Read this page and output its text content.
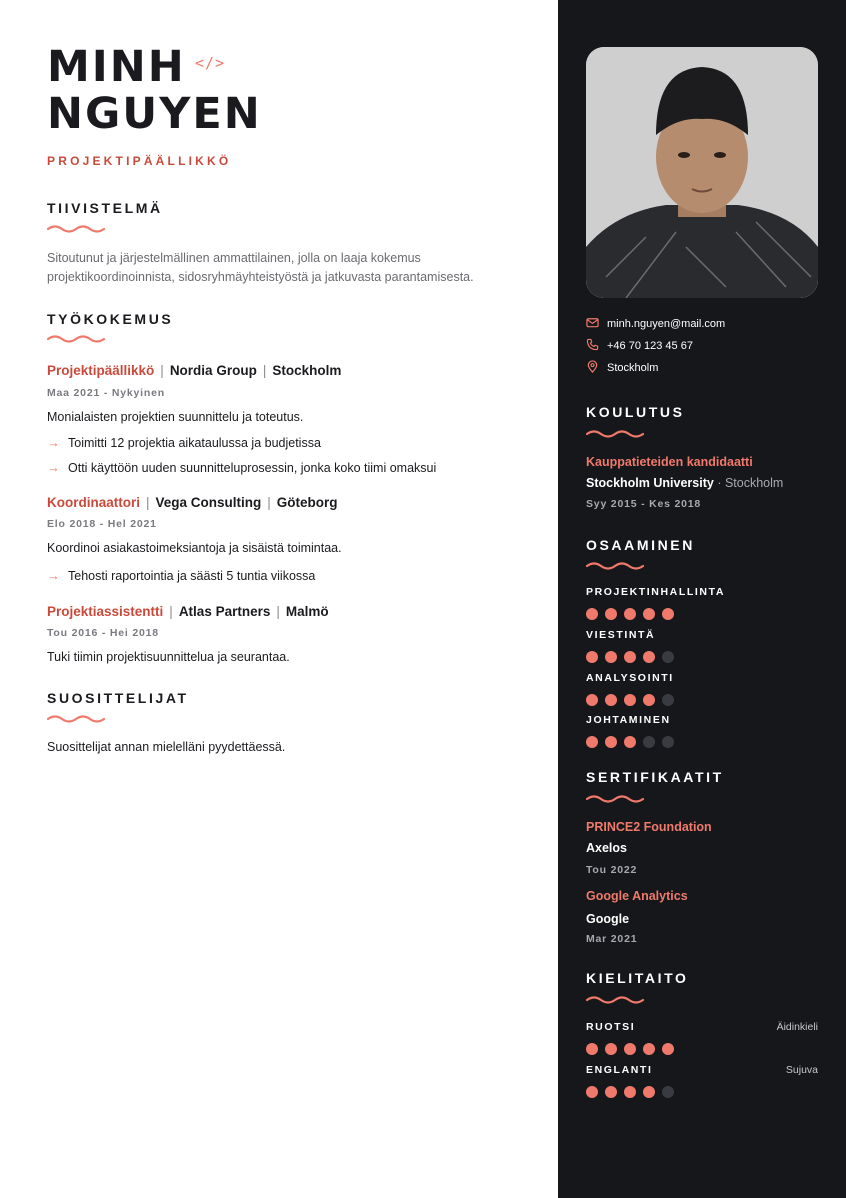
MINH
NGUYEN
</>
PROJEKTIPÄÄLLIKKÖ
TIIVISTELMÄ
Sitoutunut ja järjestelmällinen ammattilainen, jolla on laaja kokemus projektikoordinoinnista, sidosryhmäyhteistyöstä ja jatkuvasta parantamisesta.
TYÖKOKEMUS
Projektipäällikkö | Nordia Group | Stockholm
Maa 2021 - Nykyinen
Monialaisten projektien suunnittelu ja toteutus.
→ Toimitti 12 projektia aikataulussa ja budjetissa
→ Otti käyttöön uuden suunnitteluprosessin, jonka koko tiimi omaksui
Koordinaattori | Vega Consulting | Göteborg
Elo 2018 - Hel 2021
Koordinoi asiakastoimeksiantoja ja sisäistä toimintaa.
→ Tehosti raportointia ja säästi 5 tuntia viikossa
Projektiassistentti | Atlas Partners | Malmö
Tou 2016 - Hei 2018
Tuki tiimin projektisuunnittelua ja seurantaa.
SUOSITTELIJAT
Suosittelijat annan mielelläni pyydettäessä.
minh.nguyen@mail.com
+46 70 123 45 67
Stockholm
KOULUTUS
Kauppatieteiden kandidaatti
Stockholm University · Stockholm
Syy 2015 - Kes 2018
OSAAMINEN
PROJEKTINHALLINTA
VIESTINTÄ
ANALYSOINTI
JOHTAMINEN
SERTIFIKAATIT
PRINCE2 Foundation
Axelos
Tou 2022
Google Analytics
Google
Mar 2021
KIELITAITO
RUOTSI	Äidinkieli
ENGLANTI	Sujuva
